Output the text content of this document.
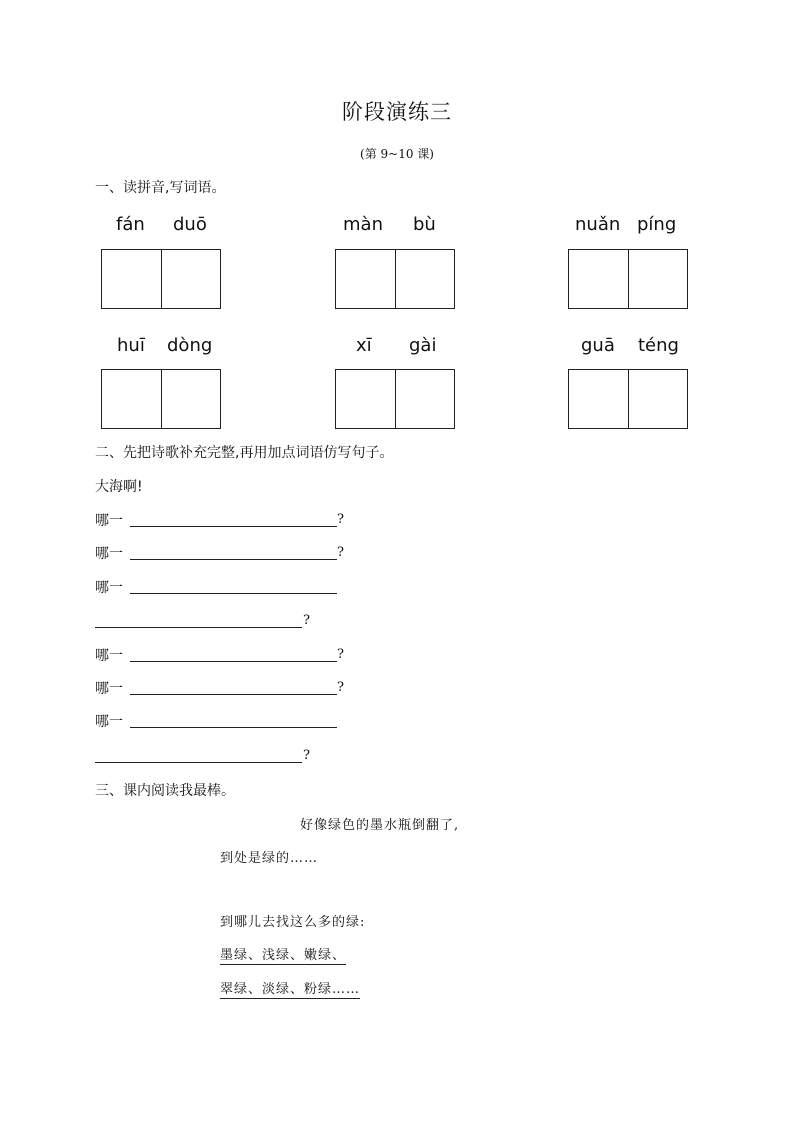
阶段演练三
(第 9~10 课)
一、读拼音,写词语。
fán duō	màn bù	nuǎn píng
huī dòng	xī gài	guā téng
二、先把诗歌补充完整,再用加点词语仿写句子。
大海啊!
哪一	?
哪一	?
哪一
?
哪一	?
哪一	?
哪一
?
三、课内阅读我最棒。
好像绿色的墨水瓶倒翻了,
到处是绿的……
到哪儿去找这么多的绿:
墨绿、浅绿、嫩绿、
翠绿、淡绿、粉绿……
